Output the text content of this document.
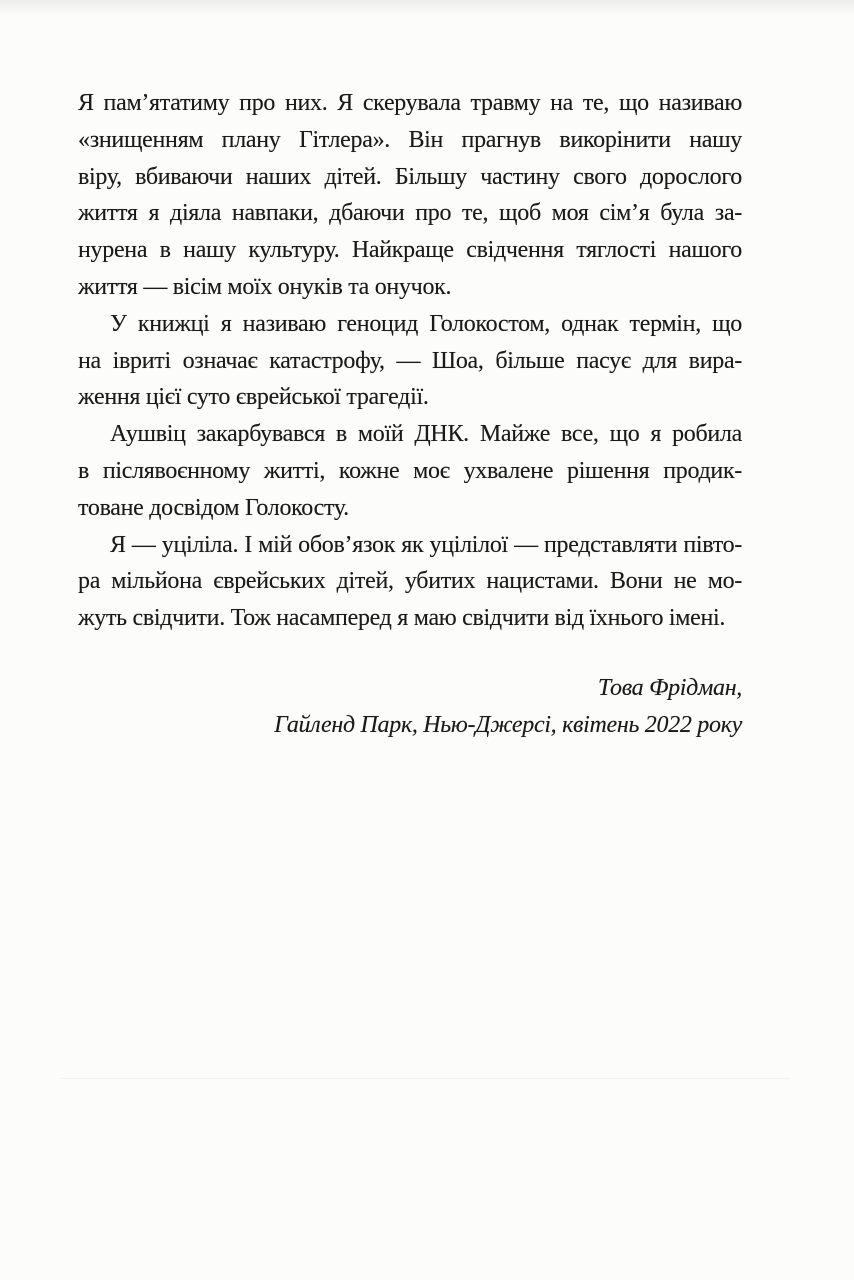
Я пам’ятатиму про них. Я скерувала травму на те, що називаю
«знищенням плану Гітлера». Він прагнув викорінити нашу
віру, вбиваючи наших дітей. Більшу частину свого дорослого
життя я діяла навпаки, дбаючи про те, щоб моя сім’я була за-
нурена в нашу культуру. Найкраще свідчення тяглості нашого
життя — вісім моїх онуків та онучок.
У книжці я називаю геноцид Голокостом, однак термін, що
на івриті означає катастрофу, — Шоа, більше пасує для вира-
ження цієї суто єврейської трагедії.
Аушвіц закарбувався в моїй ДНК. Майже все, що я робила
в післявоєнному житті, кожне моє ухвалене рішення продик-
товане досвідом Голокосту.
Я — уціліла. І мій обов’язок як уцілілої — представляти півто-
ра мільйона єврейських дітей, убитих нацистами. Вони не мо-
жуть свідчити. Тож насамперед я маю свідчити від їхнього імені.
Това Фрідман,
Гайленд Парк, Нью-Джерсі, квітень 2022 року
